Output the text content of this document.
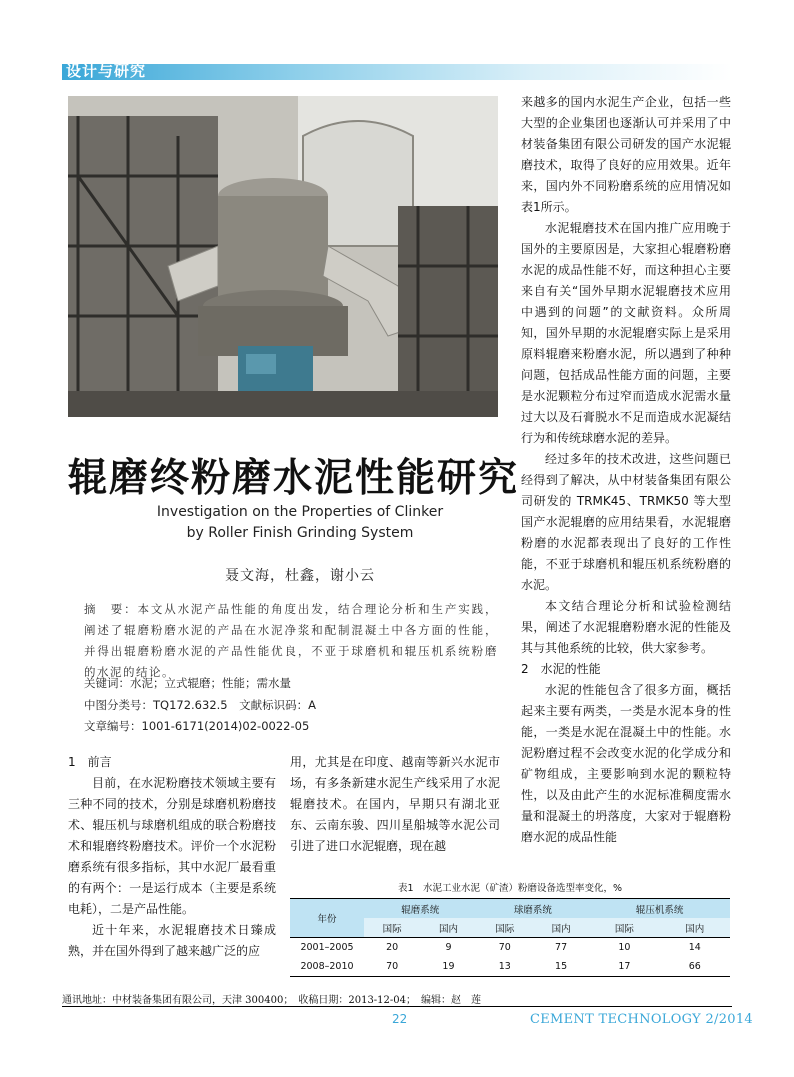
设计与研究
辊磨终粉磨水泥性能研究
Investigation on the Properties of Clinker
by Roller Finish Grinding System
聂文海，杜鑫，谢小云
摘　要：本文从水泥产品性能的角度出发，结合理论分析和生产实践，阐述了辊磨粉磨水泥的产品在水泥净浆和配制混凝土中各方面的性能，并得出辊磨粉磨水泥的产品性能优良，不亚于球磨机和辊压机系统粉磨的水泥的结论。
关键词：水泥；立式辊磨；性能；需水量
中图分类号：TQ172.632.5　文献标识码：A
文章编号：1001-6171(2014)02-0022-05

1　前言

目前，在水泥粉磨技术领域主要有三种不同的技术，分别是球磨机粉磨技术、辊压机与球磨机组成的联合粉磨技术和辊磨终粉磨技术。评价一个水泥粉磨系统有很多指标，其中水泥厂最看重的有两个：一是运行成本（主要是系统电耗），二是产品性能。

近十年来，水泥辊磨技术日臻成熟，并在国外得到了越来越广泛的应

用，尤其是在印度、越南等新兴水泥市场，有多条新建水泥生产线采用了水泥辊磨技术。在国内，早期只有湖北亚东、云南东骏、四川星船城等水泥公司引进了进口水泥辊磨，现在越

来越多的国内水泥生产企业，包括一些大型的企业集团也逐渐认可并采用了中材装备集团有限公司研发的国产水泥辊磨技术，取得了良好的应用效果。近年来，国内外不同粉磨系统的应用情况如表1所示。

水泥辊磨技术在国内推广应用晚于国外的主要原因是，大家担心辊磨粉磨水泥的成品性能不好，而这种担心主要来自有关“国外早期水泥辊磨技术应用中遇到的问题”的文献资料。众所周知，国外早期的水泥辊磨实际上是采用原料辊磨来粉磨水泥，所以遇到了种种问题，包括成品性能方面的问题，主要是水泥颗粒分布过窄而造成水泥需水量过大以及石膏脱水不足而造成水泥凝结行为和传统球磨水泥的差异。

经过多年的技术改进，这些问题已经得到了解决，从中材装备集团有限公司研发的 TRMK45、TRMK50 等大型国产水泥辊磨的应用结果看，水泥辊磨粉磨的水泥都表现出了良好的工作性能，不亚于球磨机和辊压机系统粉磨的水泥。

本文结合理论分析和试验检测结果，阐述了水泥辊磨粉磨水泥的性能及其与其他系统的比较，供大家参考。

2　水泥的性能

水泥的性能包含了很多方面，概括起来主要有两类，一类是水泥本身的性能，一类是水泥在混凝土中的性能。水泥粉磨过程不会改变水泥的化学成分和矿物组成，主要影响到水泥的颗粒特性，以及由此产生的水泥标准稠度需水量和混凝土的坍落度，大家对于辊磨粉磨水泥的成品性能

表1　水泥工业水泥（矿渣）粉磨设备选型率变化，%
年份	辊磨系统		球磨系统		辊压机系统	
	国际	国内	国际	国内	国际	国内
2001–2005	20	9	70	77	10	14
2008–2010	70	19	13	15	17	66
通讯地址：中材装备集团有限公司，天津 300400；　收稿日期：2013-12-04；　编辑：赵　莲
22	CEMENT TECHNOLOGY 2/2014
